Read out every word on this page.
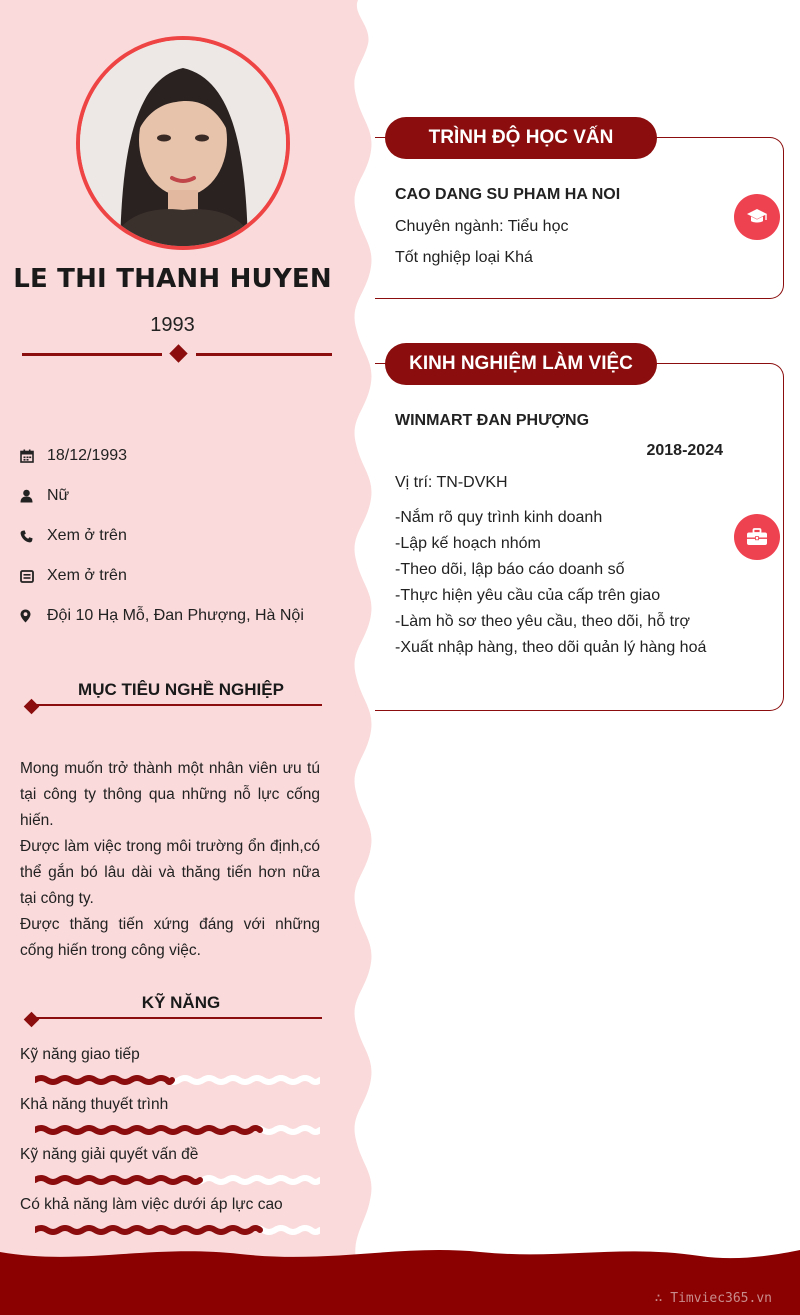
LE THI THANH HUYEN
1993
18/12/1993
Nữ
Xem ở trên
Xem ở trên
Đội 10 Hạ Mỗ, Đan Phượng, Hà Nội
MỤC TIÊU NGHỀ NGHIỆP

Mong muốn trở thành một nhân viên ưu tú tại công ty thông qua những nỗ lực cống hiến.

Được làm việc trong môi trường ổn định,có thể gắn bó lâu dài và thăng tiến hơn nữa tại công ty.

Được thăng tiến xứng đáng với những cống hiến trong công việc.

KỸ NĂNG
Kỹ năng giao tiếp
Khả năng thuyết trình
Kỹ năng giải quyết vấn đề
Có khả năng làm việc dưới áp lực cao
CAO DANG SU PHAM HA NOI
Chuyên ngành: Tiểu học
Tốt nghiệp loại Khá
TRÌNH ĐỘ HỌC VẤN
WINMART ĐAN PHƯỢNG
2018-2024
Vị trí: TN-DVKH
-Nắm rõ quy trình kinh doanh
-Lập kế hoạch nhóm
-Theo dõi, lập báo cáo doanh số
-Thực hiện yêu cầu của cấp trên giao
-Làm hồ sơ theo yêu cầu, theo dõi, hỗ trợ
-Xuất nhập hàng, theo dõi quản lý hàng hoá
KINH NGHIỆM LÀM VIỆC
∴ Timviec365.vn
